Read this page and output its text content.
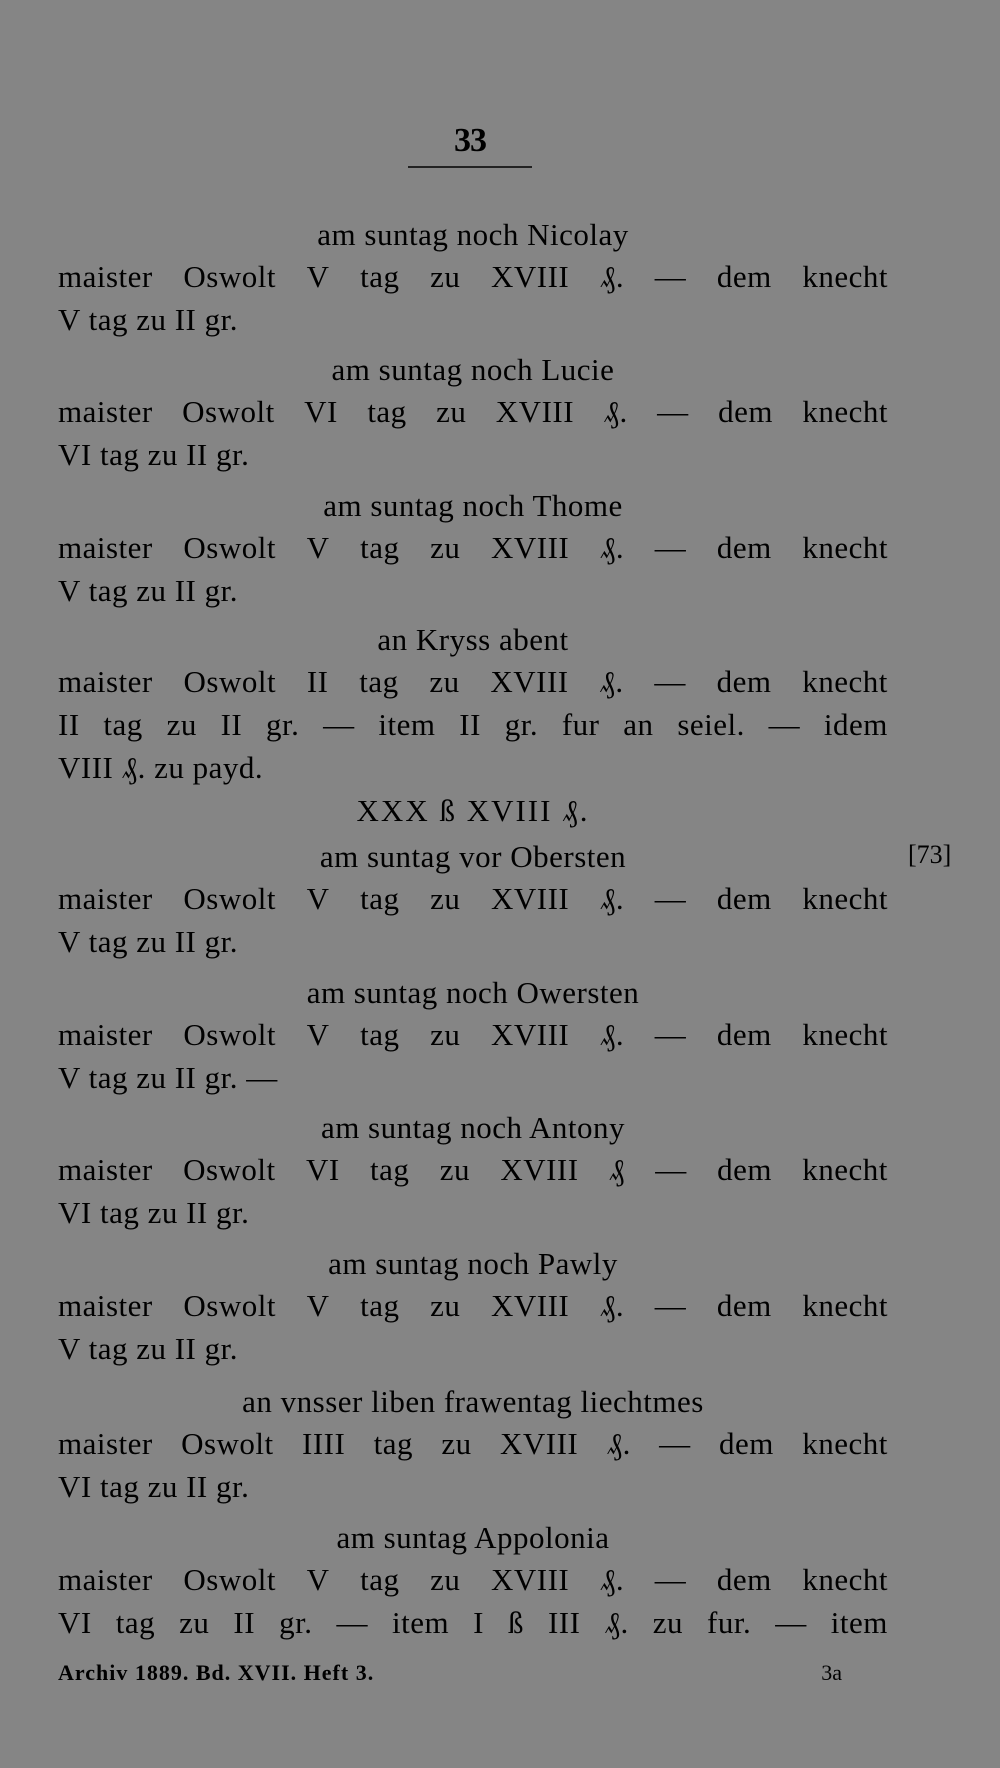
33
[73]
am suntag noch Nicolay
maister Oswolt V tag zu XVIII ₰. — dem knecht
V tag zu II gr.
am suntag noch Lucie
maister Oswolt VI tag zu XVIII ₰. — dem knecht
VI tag zu II gr.
am suntag noch Thome
maister Oswolt V tag zu XVIII ₰. — dem knecht
V tag zu II gr.
an Kryss abent
maister Oswolt II tag zu XVIII ₰. — dem knecht
II tag zu II gr. — item II gr. fur an seiel. — idem
VIII ₰. zu payd.
XXX ß XVIII ₰.
am suntag vor Obersten
maister Oswolt V tag zu XVIII ₰. — dem knecht
V tag zu II gr.
am suntag noch Owersten
maister Oswolt V tag zu XVIII ₰. — dem knecht
V tag zu II gr. —
am suntag noch Antony
maister Oswolt VI tag zu XVIII ₰ — dem knecht
VI tag zu II gr.
am suntag noch Pawly
maister Oswolt V tag zu XVIII ₰. — dem knecht
V tag zu II gr.
an vnsser liben frawentag liechtmes
maister Oswolt IIII tag zu XVIII ₰. — dem knecht
VI tag zu II gr.
am suntag Appolonia
maister Oswolt V tag zu XVIII ₰. — dem knecht
VI tag zu II gr. — item I ß III ₰. zu fur. — item
Archiv 1889. Bd. XVII. Heft 3.	3a
